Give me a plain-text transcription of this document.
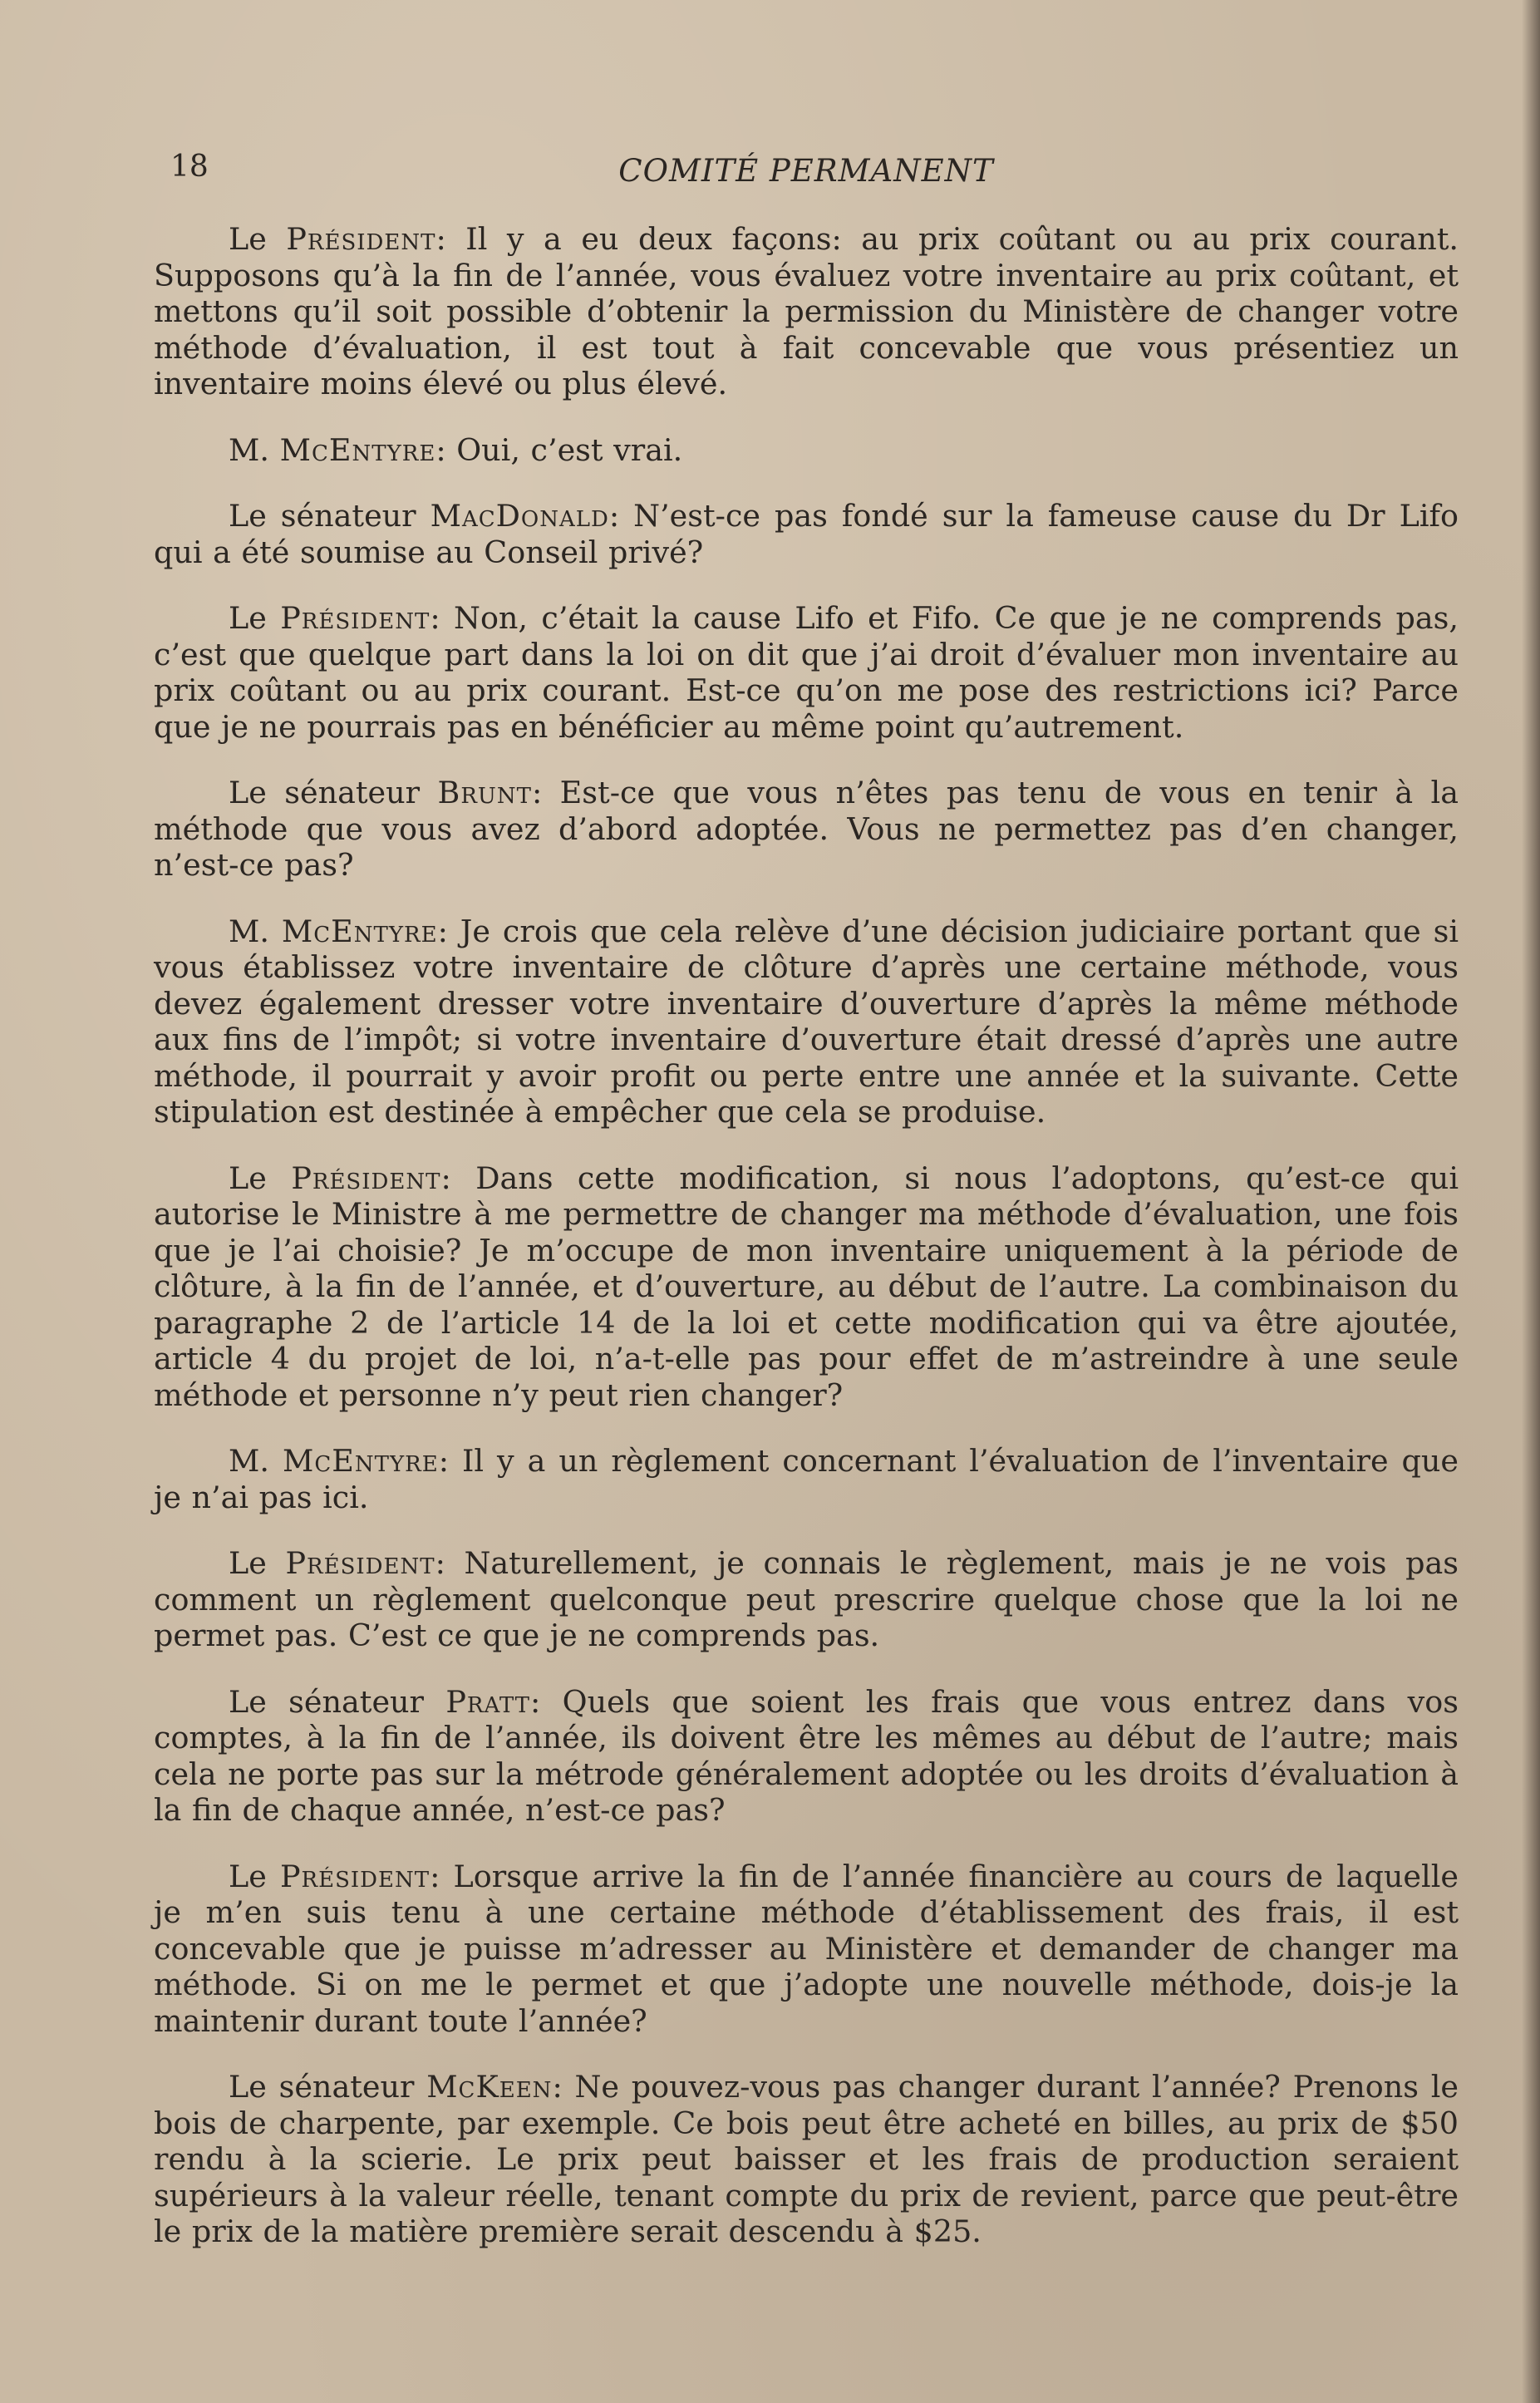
18	COMITÉ PERMANENT

Le Président: Il y a eu deux façons: au prix coûtant ou au prix courant. Supposons qu’à la fin de l’année, vous évaluez votre inventaire au prix coûtant, et mettons qu’il soit possible d’obtenir la permission du Ministère de changer votre méthode d’évaluation, il est tout à fait concevable que vous présentiez un inventaire moins élevé ou plus élevé.

M. McEntyre: Oui, c’est vrai.

Le sénateur MacDonald: N’est-ce pas fondé sur la fameuse cause du Dr Lifo qui a été soumise au Conseil privé?

Le Président: Non, c’était la cause Lifo et Fifo. Ce que je ne comprends pas, c’est que quelque part dans la loi on dit que j’ai droit d’évaluer mon inventaire au prix coûtant ou au prix courant. Est-ce qu’on me pose des restrictions ici? Parce que je ne pourrais pas en bénéficier au même point qu’autrement.

Le sénateur Brunt: Est-ce que vous n’êtes pas tenu de vous en tenir à la méthode que vous avez d’abord adoptée. Vous ne permettez pas d’en changer, n’est-ce pas?

M. McEntyre: Je crois que cela relève d’une décision judiciaire portant que si vous établissez votre inventaire de clôture d’après une certaine méthode, vous devez également dresser votre inventaire d’ouverture d’après la même méthode aux fins de l’impôt; si votre inventaire d’ouverture était dressé d’après une autre méthode, il pourrait y avoir profit ou perte entre une année et la suivante. Cette stipulation est destinée à empêcher que cela se produise.

Le Président: Dans cette modification, si nous l’adoptons, qu’est-ce qui autorise le Ministre à me permettre de changer ma méthode d’évaluation, une fois que je l’ai choisie? Je m’occupe de mon inventaire uniquement à la période de clôture, à la fin de l’année, et d’ouverture, au début de l’autre. La combinaison du paragraphe 2 de l’article 14 de la loi et cette modification qui va être ajoutée, article 4 du projet de loi, n’a-t-elle pas pour effet de m’astreindre à une seule méthode et personne n’y peut rien changer?

M. McEntyre: Il y a un règlement concernant l’évaluation de l’inventaire que je n’ai pas ici.

Le Président: Naturellement, je connais le règlement, mais je ne vois pas comment un règlement quelconque peut prescrire quelque chose que la loi ne permet pas. C’est ce que je ne comprends pas.

Le sénateur Pratt: Quels que soient les frais que vous entrez dans vos comptes, à la fin de l’année, ils doivent être les mêmes au début de l’autre; mais cela ne porte pas sur la métrode généralement adoptée ou les droits d’évaluation à la fin de chaque année, n’est-ce pas?

Le Président: Lorsque arrive la fin de l’année financière au cours de laquelle je m’en suis tenu à une certaine méthode d’établissement des frais, il est concevable que je puisse m’adresser au Ministère et demander de changer ma méthode. Si on me le permet et que j’adopte une nouvelle méthode, dois-je la maintenir durant toute l’année?

Le sénateur McKeen: Ne pouvez-vous pas changer durant l’année? Prenons le bois de charpente, par exemple. Ce bois peut être acheté en billes, au prix de $50 rendu à la scierie. Le prix peut baisser et les frais de production seraient supérieurs à la valeur réelle, tenant compte du prix de revient, parce que peut-être le prix de la matière première serait descendu à $25.
